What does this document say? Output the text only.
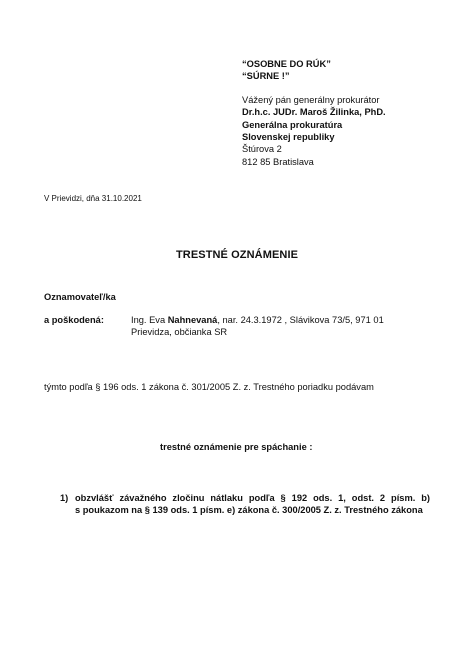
“OSOBNE DO RÚK”
“SÚRNE !”
Vážený pán generálny prokurátor
Dr.h.c. JUDr. Maroš Žilinka, PhD.
Generálna prokuratúra
Slovenskej republiky
Štúrova 2
812 85 Bratislava
V Prievidzi, dňa 31.10.2021
TRESTNÉ OZNÁMENIE
Oznamovateľ/ka
a poškodená:	Ing. Eva Nahnevaná, nar. 24.3.1972 , Slávikova 73/5, 971 01
Prievidza, občianka SR
týmto podľa § 196 ods. 1 zákona č. 301/2005 Z. z. Trestného poriadku podávam
trestné oznámenie pre spáchanie :
1) obzvlášť závažného zločinu nátlaku podľa § 192 ods. 1, odst. 2 písm. b)
s poukazom na § 139 ods. 1 písm. e) zákona č. 300/2005 Z. z. Trestného zákona
